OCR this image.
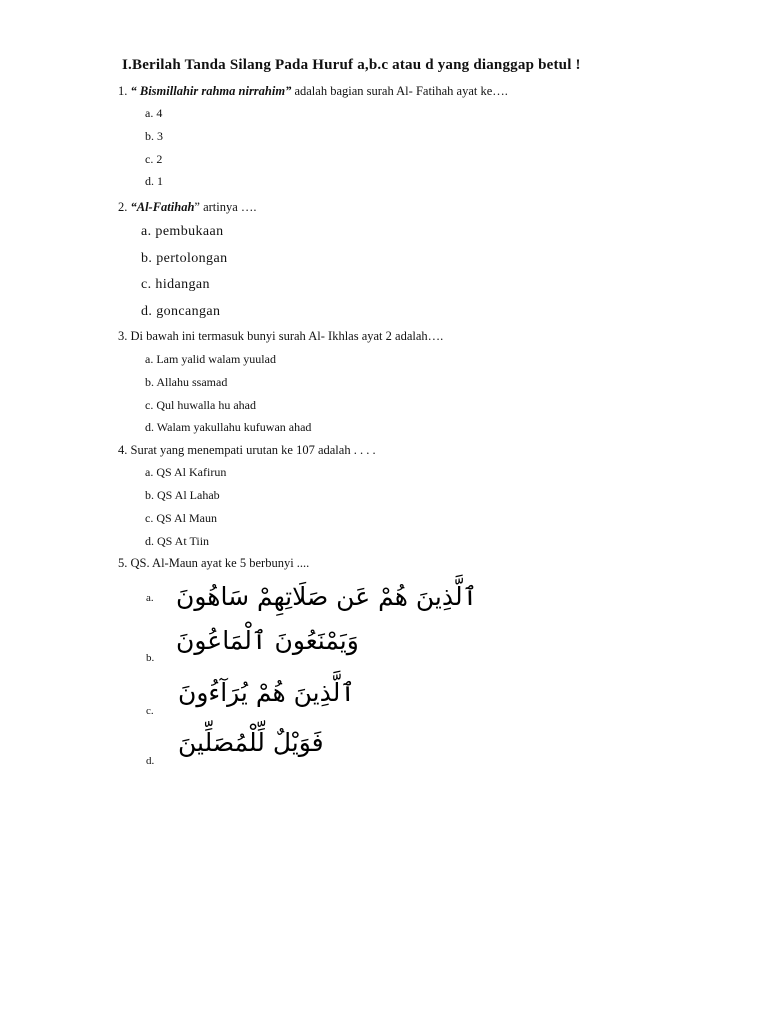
I.Berilah Tanda Silang Pada Huruf a,b.c atau d yang dianggap betul !
1. “ Bismillahir rahma nirrahim” adalah bagian surah Al- Fatihah ayat ke….
a. 4
b. 3
c. 2
d. 1
2. “Al-Fatihah” artinya ….
a. pembukaan
b. pertolongan
c. hidangan
d. goncangan
3. Di bawah ini termasuk bunyi surah Al- Ikhlas ayat 2 adalah….
a. Lam yalid walam yuulad
b. Allahu ssamad
c. Qul huwalla hu ahad
d. Walam yakullahu kufuwan ahad
4. Surat yang menempati urutan ke 107 adalah . . . .
a. QS Al Kafirun
b. QS Al Lahab
c. QS Al Maun
d. QS At Tiin
5. QS. Al-Maun ayat ke 5 berbunyi ....
a. ٱلَّذِينَ هُمْ عَن صَلَاتِهِمْ سَاهُونَ
b.
وَيَمْنَعُونَ ٱلْمَاعُونَ
c.
ٱلَّذِينَ هُمْ يُرَآءُونَ
d.
فَوَيْلٌ لِّلْمُصَلِّينَ
